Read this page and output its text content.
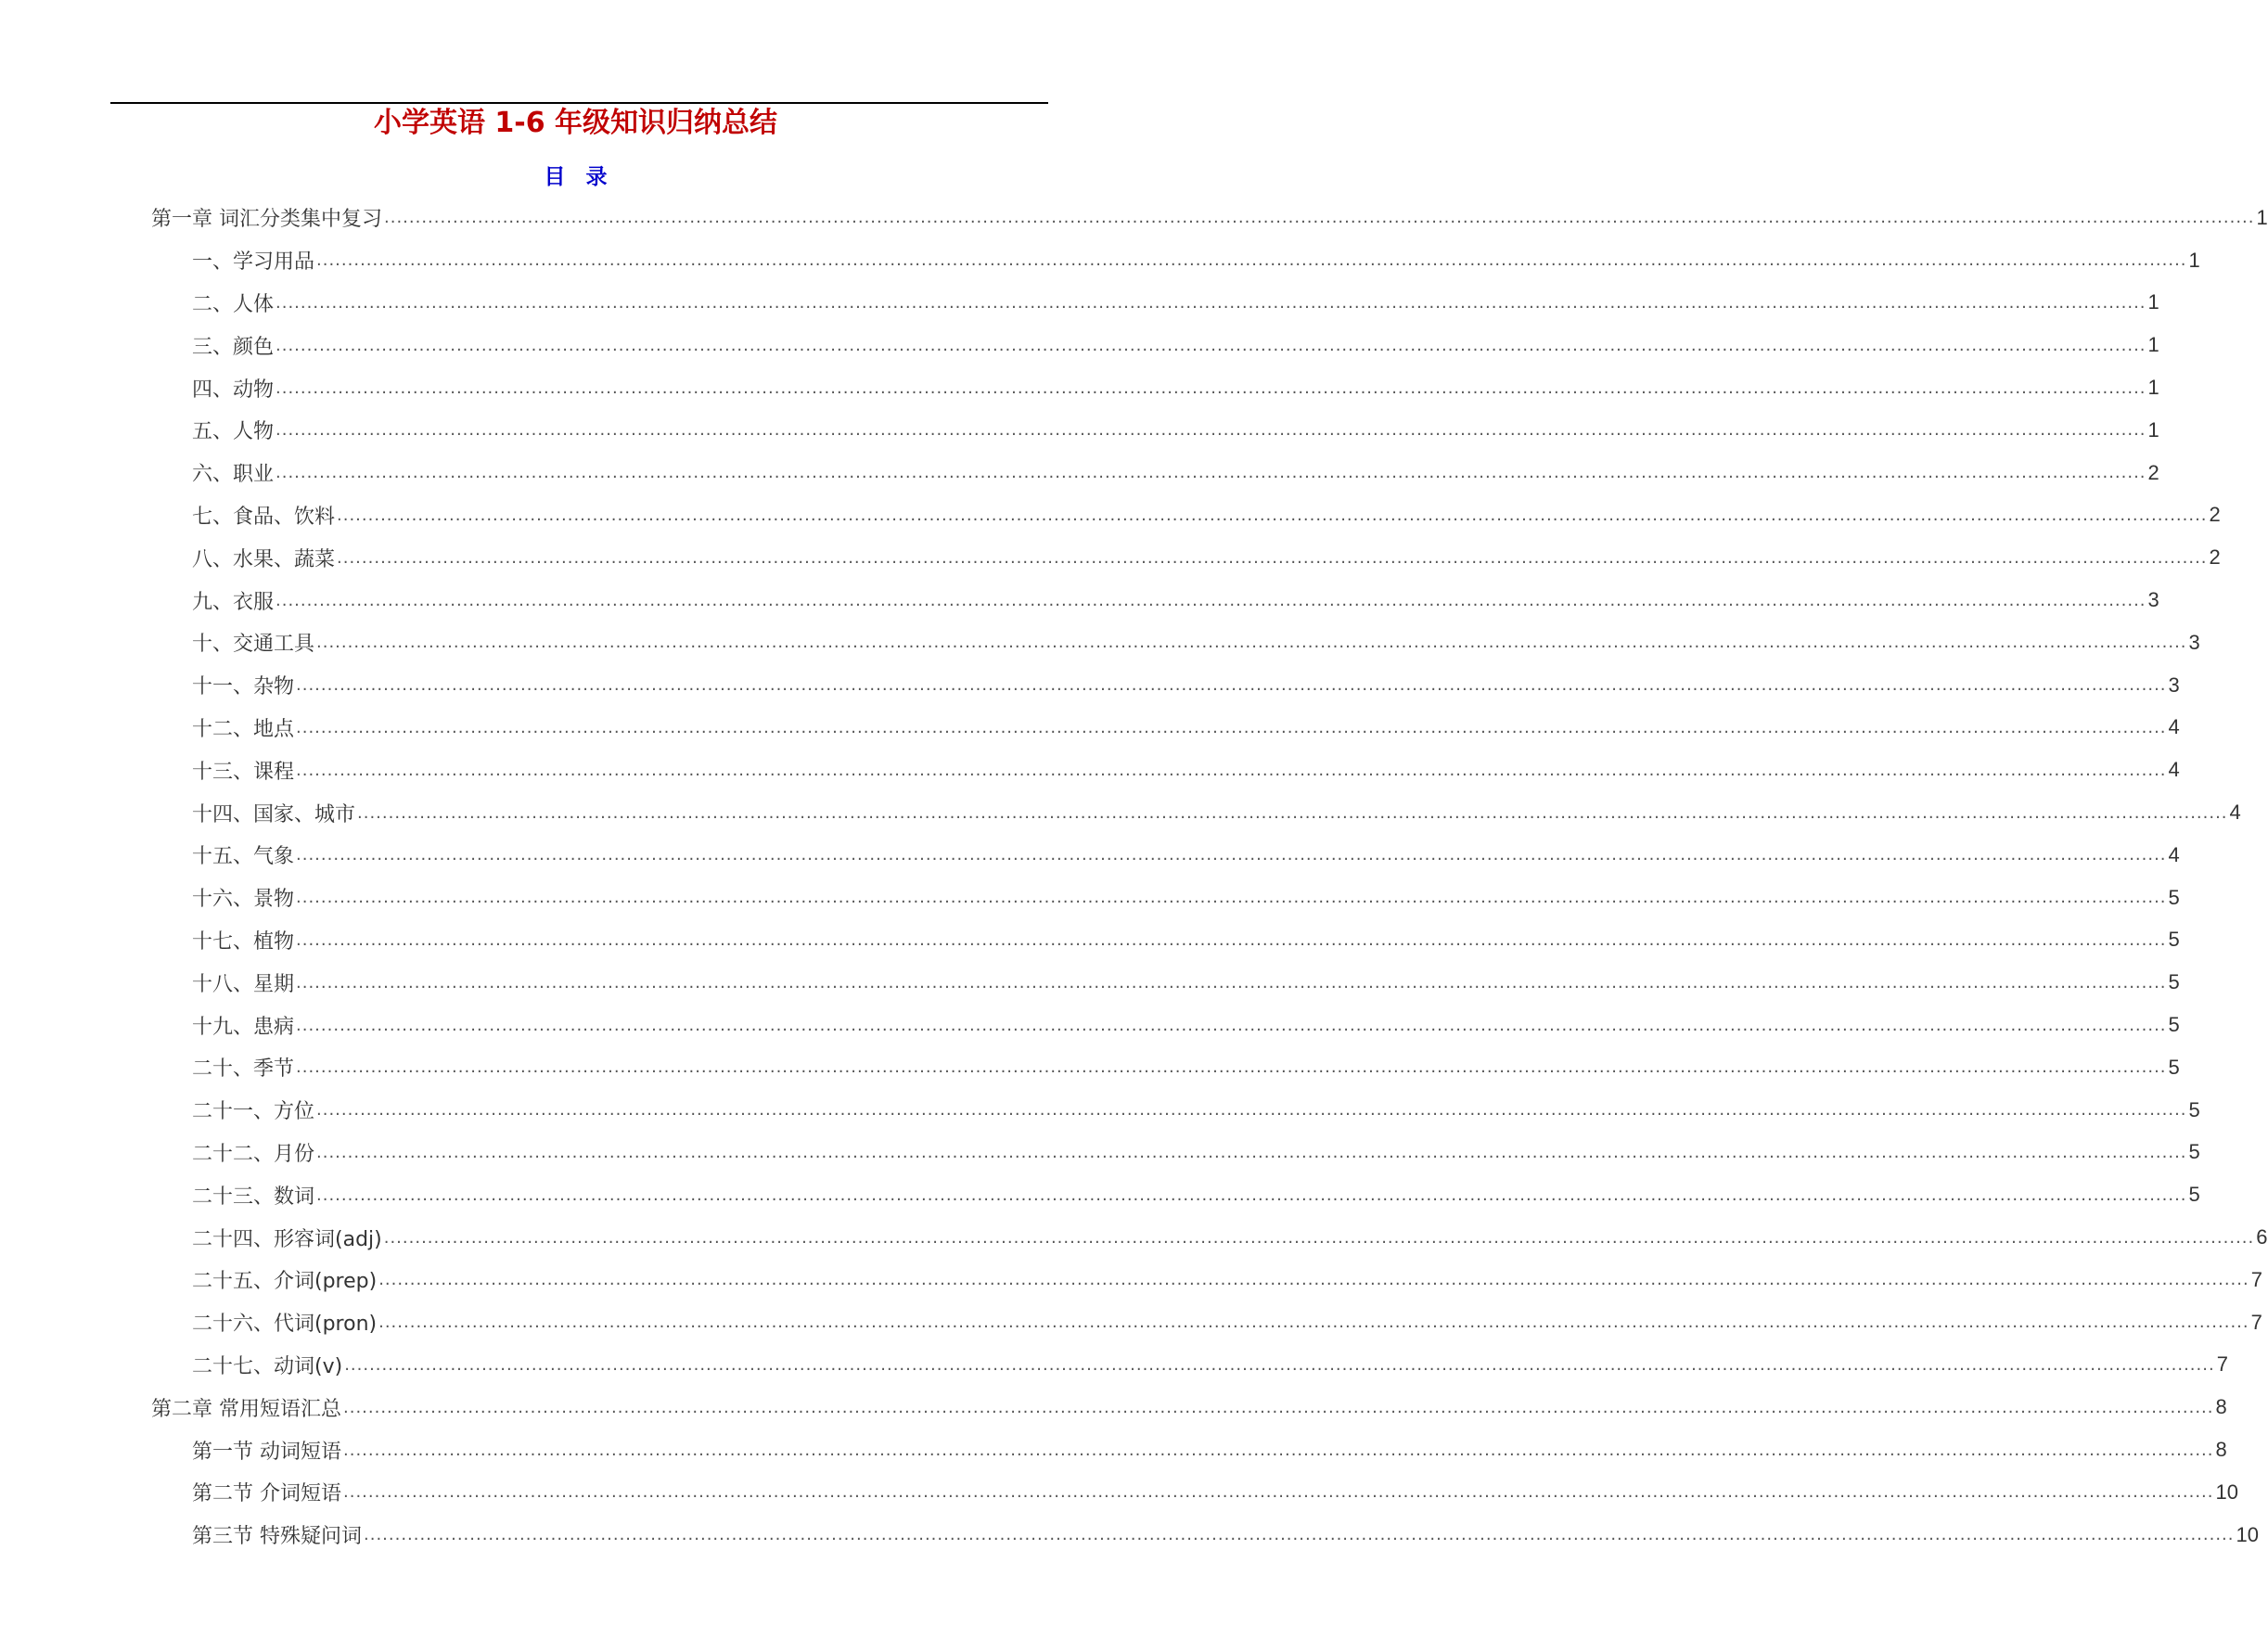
小学英语 1-6 年级知识归纳总结
目录
第一章 词汇分类集中复习 ............................................................................................................................................................................................................................................................................................................ 1
一、学习用品 ............................................................................................................................................................................................................................................................................................................ 1
二、人体 ............................................................................................................................................................................................................................................................................................................ 1
三、颜色 ............................................................................................................................................................................................................................................................................................................ 1
四、动物 ............................................................................................................................................................................................................................................................................................................ 1
五、人物 ............................................................................................................................................................................................................................................................................................................ 1
六、职业 ............................................................................................................................................................................................................................................................................................................ 2
七、食品、饮料 ............................................................................................................................................................................................................................................................................................................ 2
八、水果、蔬菜 ............................................................................................................................................................................................................................................................................................................ 2
九、衣服 ............................................................................................................................................................................................................................................................................................................ 3
十、交通工具 ............................................................................................................................................................................................................................................................................................................ 3
十一、杂物 ............................................................................................................................................................................................................................................................................................................ 3
十二、地点 ............................................................................................................................................................................................................................................................................................................ 4
十三、课程 ............................................................................................................................................................................................................................................................................................................ 4
十四、国家、城市 ............................................................................................................................................................................................................................................................................................................ 4
十五、气象 ............................................................................................................................................................................................................................................................................................................ 4
十六、景物 ............................................................................................................................................................................................................................................................................................................ 5
十七、植物 ............................................................................................................................................................................................................................................................................................................ 5
十八、星期 ............................................................................................................................................................................................................................................................................................................ 5
十九、患病 ............................................................................................................................................................................................................................................................................................................ 5
二十、季节 ............................................................................................................................................................................................................................................................................................................ 5
二十一、方位 ............................................................................................................................................................................................................................................................................................................ 5
二十二、月份 ............................................................................................................................................................................................................................................................................................................ 5
二十三、数词 ............................................................................................................................................................................................................................................................................................................ 5
二十四、形容词(adj) ............................................................................................................................................................................................................................................................................................................ 6
二十五、介词(prep) ............................................................................................................................................................................................................................................................................................................ 7
二十六、代词(pron) ............................................................................................................................................................................................................................................................................................................ 7
二十七、动词(v) ............................................................................................................................................................................................................................................................................................................ 7
第二章 常用短语汇总 ............................................................................................................................................................................................................................................................................................................ 8
第一节 动词短语 ............................................................................................................................................................................................................................................................................................................ 8
第二节 介词短语 ............................................................................................................................................................................................................................................................................................................ 10
第三节 特殊疑问词 ............................................................................................................................................................................................................................................................................................................ 10
